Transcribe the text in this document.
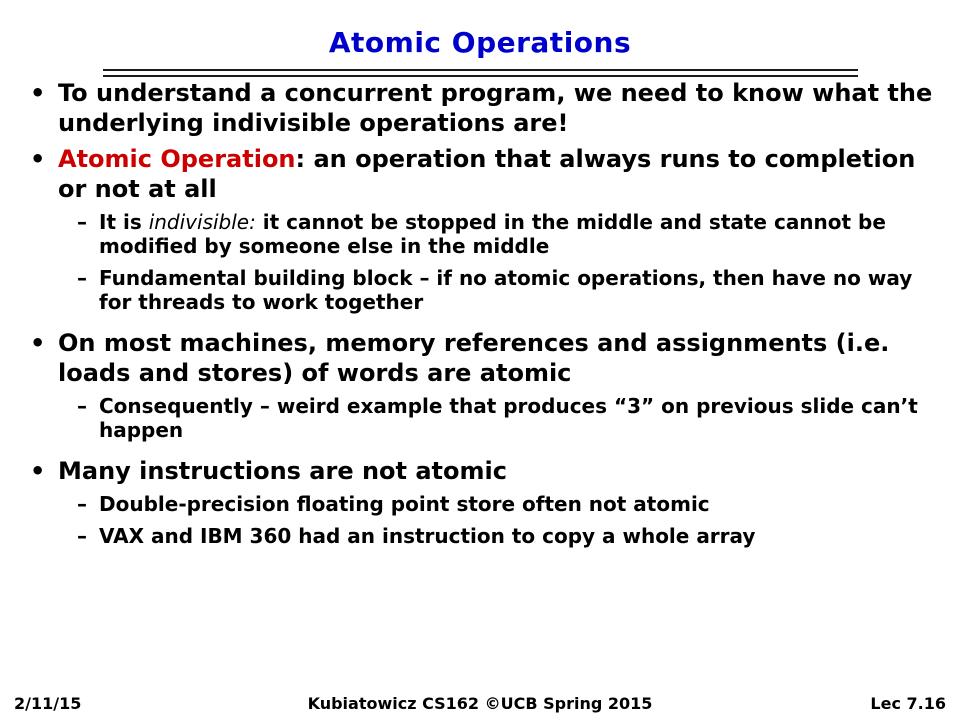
Atomic Operations
• To understand a concurrent program, we need to know what the underlying indivisible operations are!
• Atomic Operation: an operation that always runs to completion or not at all
– It is indivisible: it cannot be stopped in the middle and state cannot be modified by someone else in the middle
– Fundamental building block – if no atomic operations, then have no way for threads to work together
• On most machines, memory references and assignments (i.e. loads and stores) of words are atomic
– Consequently – weird example that produces “3” on previous slide can’t happen
• Many instructions are not atomic
– Double-precision floating point store often not atomic
– VAX and IBM 360 had an instruction to copy a whole array
2/11/15	Kubiatowicz CS162 ©UCB Spring 2015	Lec 7.16
